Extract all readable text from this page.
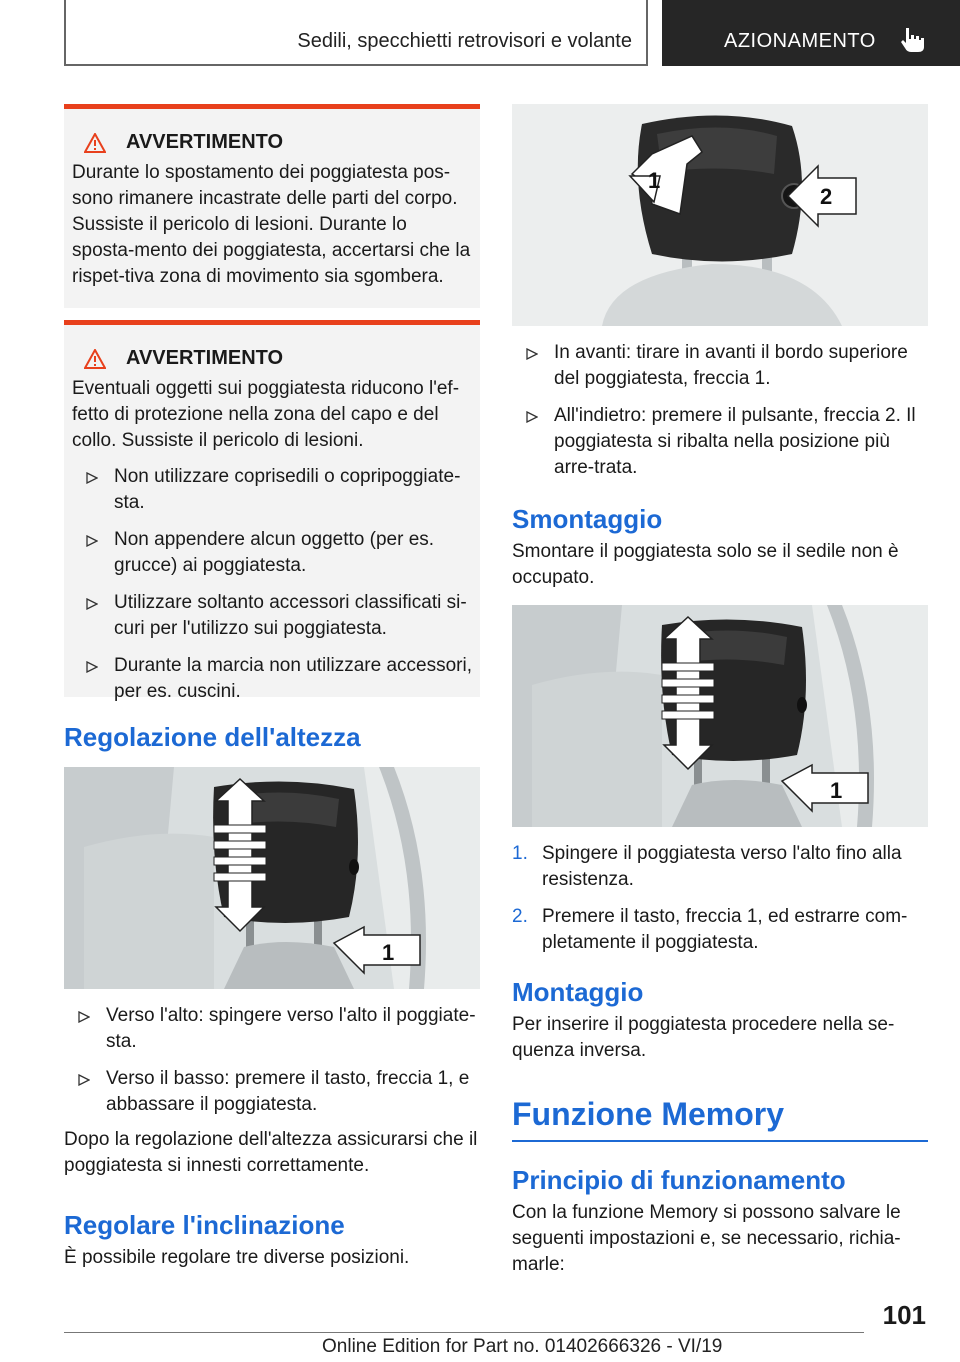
Sedili, specchietti retrovisori e volante	AZIONAMENTO
AVVERTIMENTO
Durante lo spostamento dei poggiatesta pos-sono rimanere incastrate delle parti del corpo. Sussiste il pericolo di lesioni. Durante lo sposta-mento dei poggiatesta, accertarsi che la rispet-tiva zona di movimento sia sgombera.
AVVERTIMENTO
Eventuali oggetti sui poggiatesta riducono l'ef-fetto di protezione nella zona del capo e del collo. Sussiste il pericolo di lesioni.
Non utilizzare coprisedili o copripoggiate-sta.
Non appendere alcun oggetto (per es. grucce) ai poggiatesta.
Utilizzare soltanto accessori classificati si-curi per l'utilizzo sui poggiatesta.
Durante la marcia non utilizzare accessori, per es. cuscini.
Regolazione dell'altezza
1
Verso l'alto: spingere verso l'alto il poggiate-sta.
Verso il basso: premere il tasto, freccia 1, e abbassare il poggiatesta.
Dopo la regolazione dell'altezza assicurarsi che il poggiatesta si innesti correttamente.
Regolare l'inclinazione
È possibile regolare tre diverse posizioni.
1
2
In avanti: tirare in avanti il bordo superiore del poggiatesta, freccia 1.
All'indietro: premere il pulsante, freccia 2. Il poggiatesta si ribalta nella posizione più arre-trata.
Smontaggio
Smontare il poggiatesta solo se il sedile non è occupato.
1
1. Spingere il poggiatesta verso l'alto fino alla resistenza.
2. Premere il tasto, freccia 1, ed estrarre com-pletamente il poggiatesta.
Montaggio
Per inserire il poggiatesta procedere nella se-quenza inversa.
Funzione Memory
Principio di funzionamento
Con la funzione Memory si possono salvare le seguenti impostazioni e, se necessario, richia-marle:
101
Online Edition for Part no. 01402666326 - VI/19
